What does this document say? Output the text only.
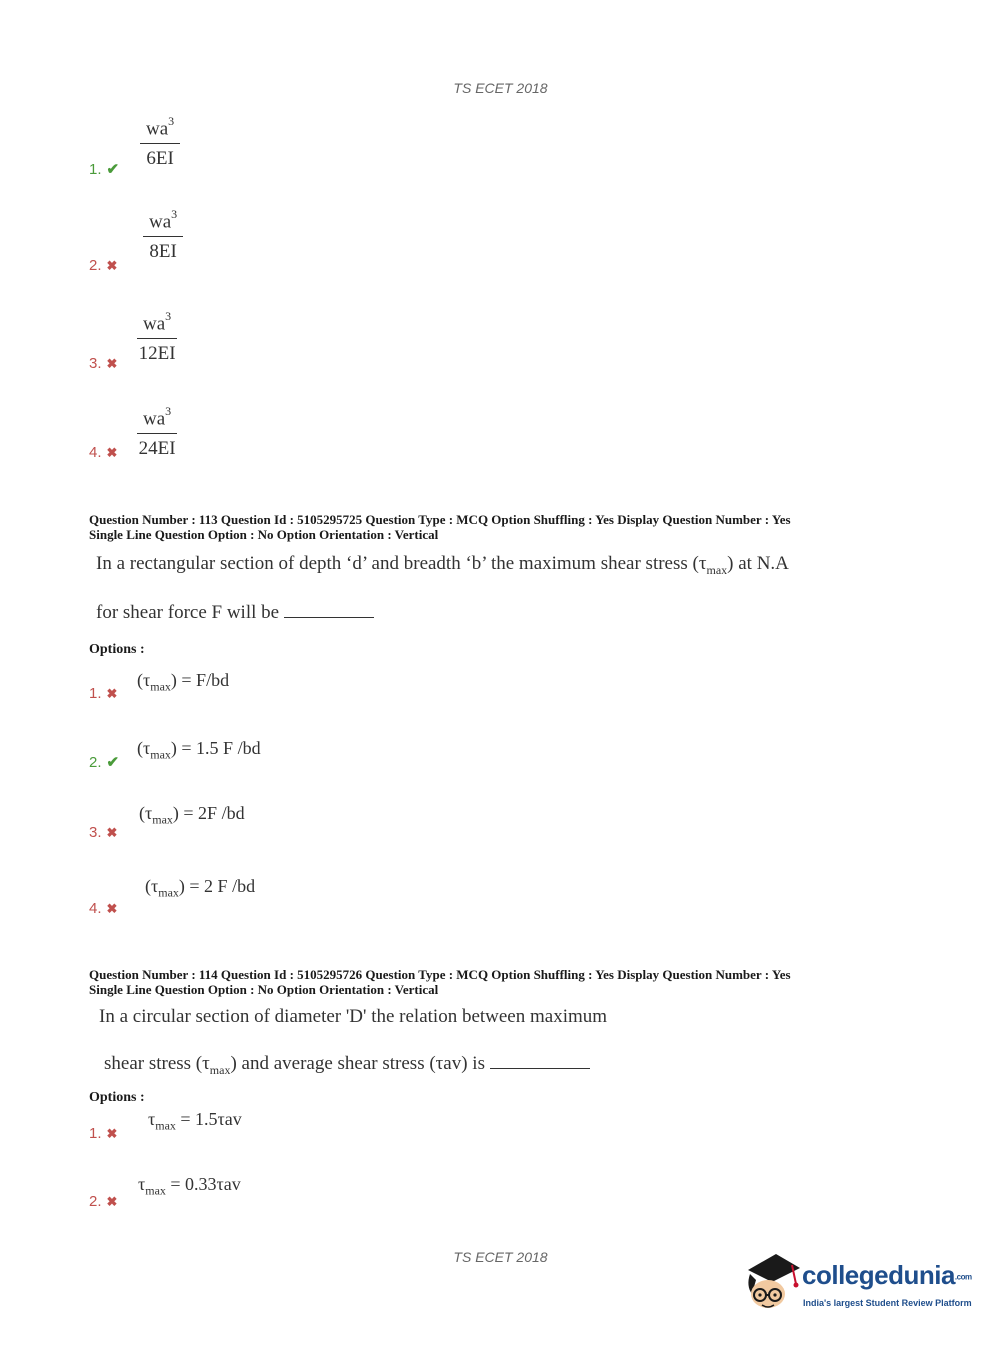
TS ECET 2018
1. ✔	$\frac{wa^3}{6EI}$
2. ✖
$\frac{wa^3}{8EI}$
3. ✖	$\frac{wa^3}{12EI}$
4. ✖	$\frac{wa^3}{24EI}$
Question Number : 113 Question Id : 5105295725 Question Type : MCQ Option Shuffling : Yes Display Question Number : Yes
Single Line Question Option : No Option Orientation : Vertical
In a rectangular section of depth ‘d’ and breadth ‘b’ the maximum shear stress $(\tau_{max})$ at N.A
for shear force F will be
Options :
1. ✖
$(\tau_{max}) = F/bd$
2. ✔
$(\tau_{max}) = 1.5$ F /bd
3. ✖
$(\tau_{max}) = 2F$ /bd
4. ✖
$(\tau_{max}) = 2$ F /bd
Question Number : 114 Question Id : 5105295726 Question Type : MCQ Option Shuffling : Yes Display Question Number : Yes
Single Line Question Option : No Option Orientation : Vertical
In a circular section of diameter 'D' the relation between maximum
shear stress $(\tau_{max})$ and average shear stress (τav) is
Options :
1. ✖
$\tau_{max} = 1.5\tau av$
2. ✖
$\tau_{max} = 0.33\tau av$
TS ECET 2018
collegedunia.com
India's largest Student Review Platform
